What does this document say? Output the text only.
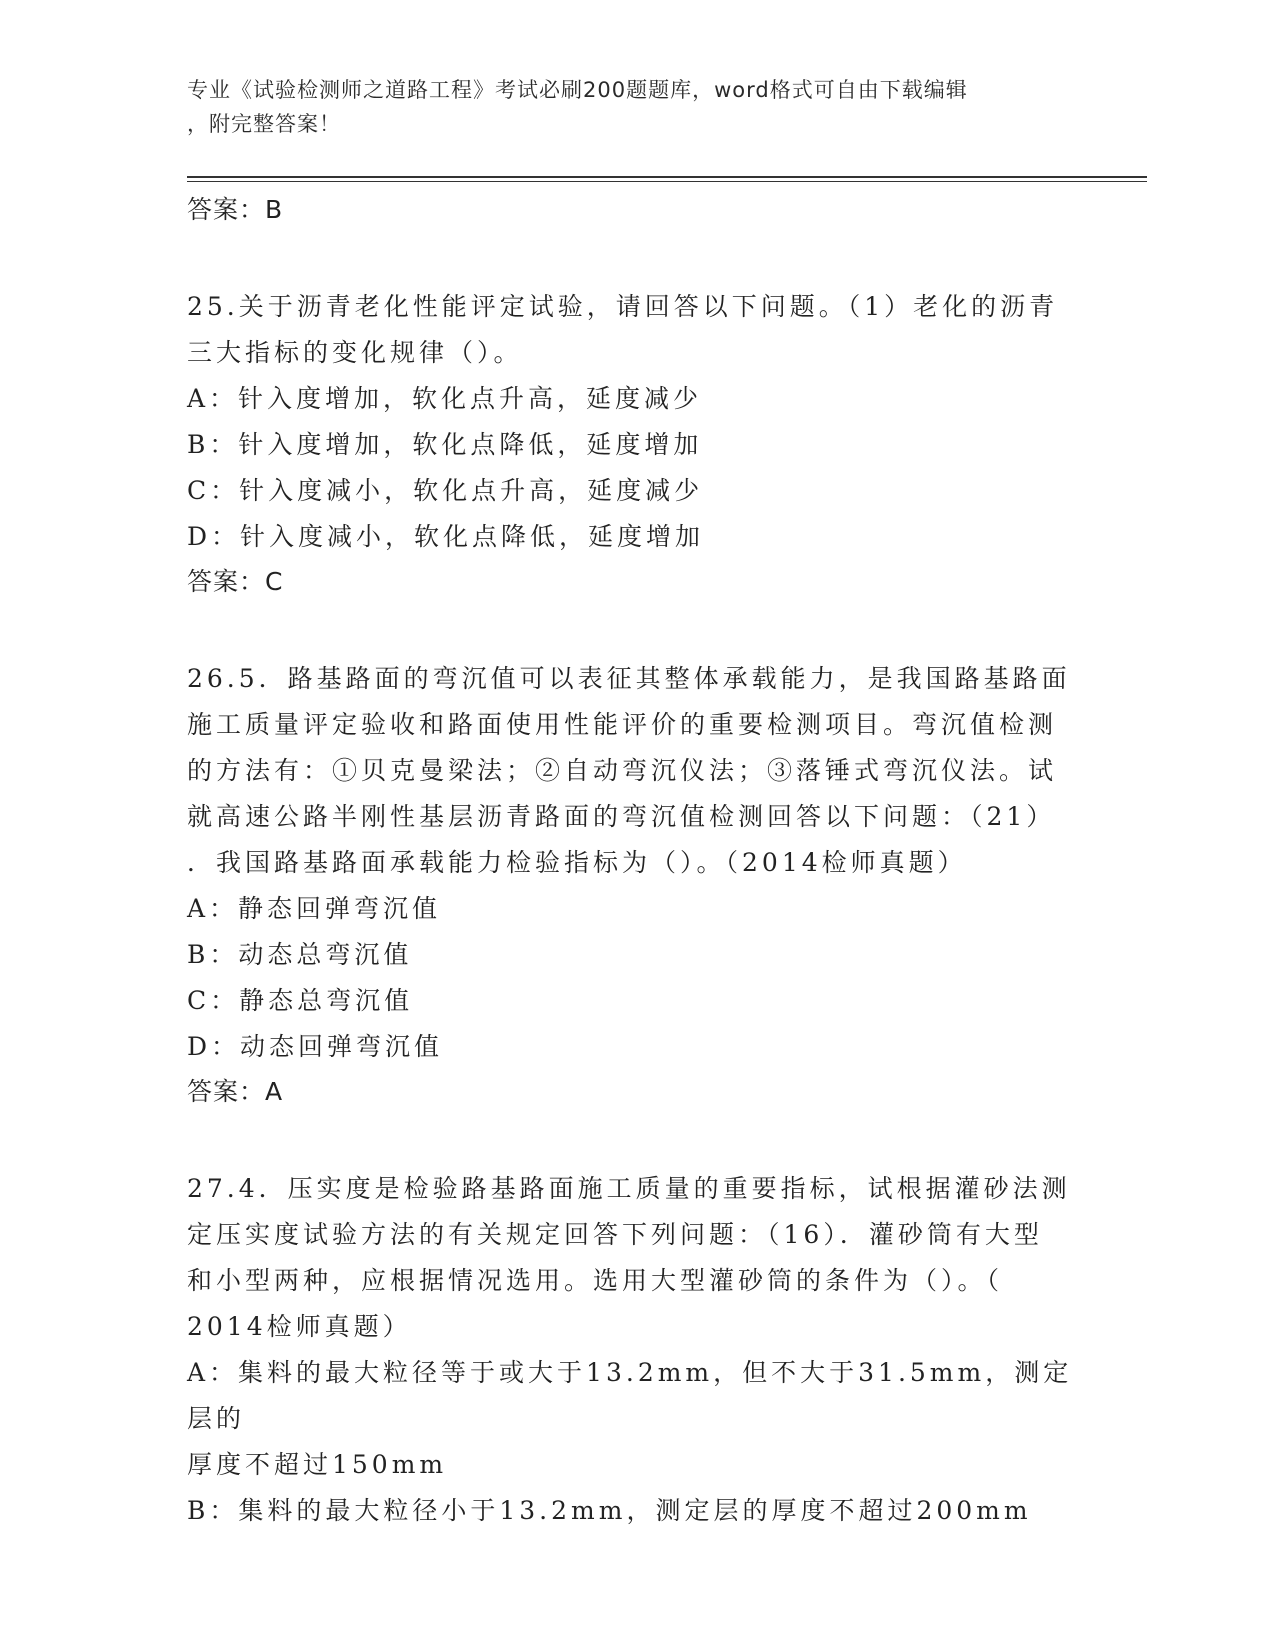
专业《试验检测师之道路工程》考试必刷200题题库，word格式可自由下载编辑
，附完整答案！
答案：B
25.关于沥青老化性能评定试验，请回答以下问题。（1）老化的沥青
三大指标的变化规律（）。
A：针入度增加，软化点升高，延度减少
B：针入度增加，软化点降低，延度增加
C：针入度减小，软化点升高，延度减少
D：针入度减小，软化点降低，延度增加
答案：C
26.5．路基路面的弯沉值可以表征其整体承载能力，是我国路基路面
施工质量评定验收和路面使用性能评价的重要检测项目。弯沉值检测
的方法有：①贝克曼梁法；②自动弯沉仪法；③落锤式弯沉仪法。试
就高速公路半刚性基层沥青路面的弯沉值检测回答以下问题：（21）
．我国路基路面承载能力检验指标为（）。（2014检师真题）
A：静态回弹弯沉值
B：动态总弯沉值
C：静态总弯沉值
D：动态回弹弯沉值
答案：A
27.4．压实度是检验路基路面施工质量的重要指标，试根据灌砂法测
定压实度试验方法的有关规定回答下列问题：（16）．灌砂筒有大型
和小型两种，应根据情况选用。选用大型灌砂筒的条件为（）。（
2014检师真题）
A：集料的最大粒径等于或大于13.2mm，但不大于31.5mm，测定层的
厚度不超过150mm
B：集料的最大粒径小于13.2mm，测定层的厚度不超过200mm
